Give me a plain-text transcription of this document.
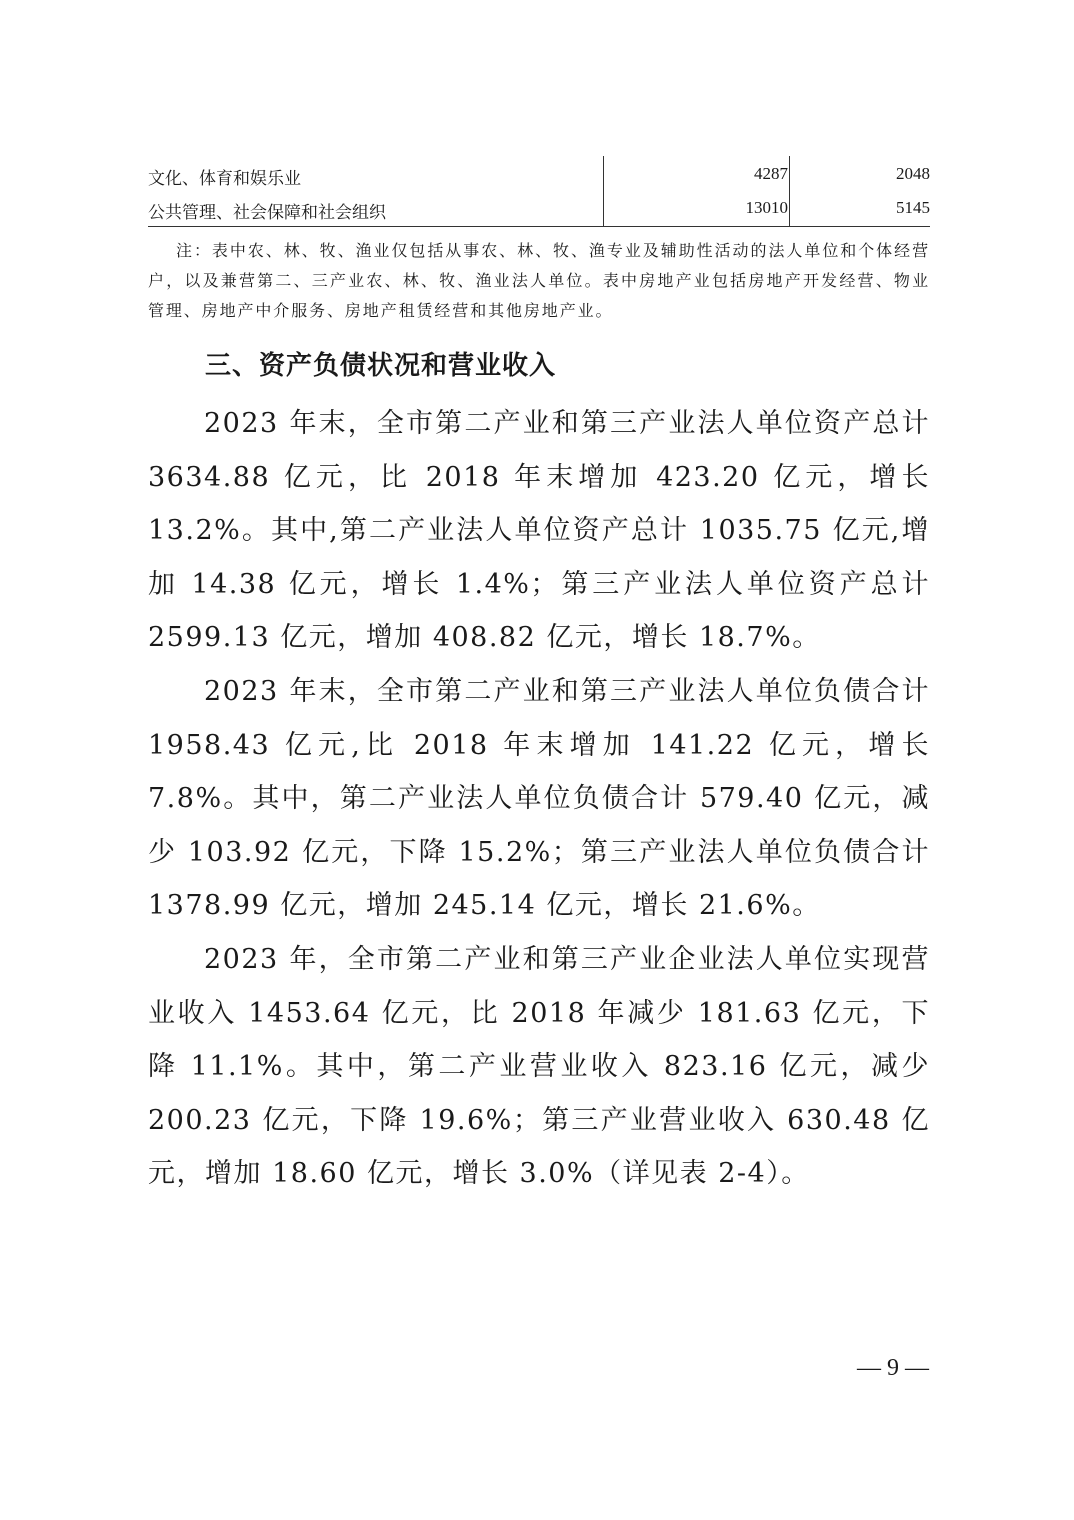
文化、体育和娱乐业	4287	2048
公共管理、社会保障和社会组织	13010	5145

注：表中农、林、牧、渔业仅包括从事农、林、牧、渔专业及辅助性活动的法人单位和个体经营户，以及兼营第二、三产业农、林、牧、渔业法人单位。表中房地产业包括房地产开发经营、物业管理、房地产中介服务、房地产租赁经营和其他房地产业。

三、资产负债状况和营业收入

2023 年末，全市第二产业和第三产业法人单位资产总计 3634.88 亿元，比 2018 年末增加 423.20 亿元，增长 13.2%。其中,第二产业法人单位资产总计 1035.75 亿元,增加 14.38 亿元，增长 1.4%；第三产业法人单位资产总计 2599.13 亿元，增加 408.82 亿元，增长 18.7%。

2023 年末，全市第二产业和第三产业法人单位负债合计 1958.43 亿元,比 2018 年末增加 141.22 亿元，增长 7.8%。其中，第二产业法人单位负债合计 579.40 亿元，减少 103.92 亿元，下降 15.2%；第三产业法人单位负债合计 1378.99 亿元，增加 245.14 亿元，增长 21.6%。

2023 年，全市第二产业和第三产业企业法人单位实现营业收入 1453.64 亿元，比 2018 年减少 181.63 亿元，下降 11.1%。其中，第二产业营业收入 823.16 亿元，减少 200.23 亿元，下降 19.6%；第三产业营业收入 630.48 亿元，增加 18.60 亿元，增长 3.0%（详见表 2-4）。

— 9 —
